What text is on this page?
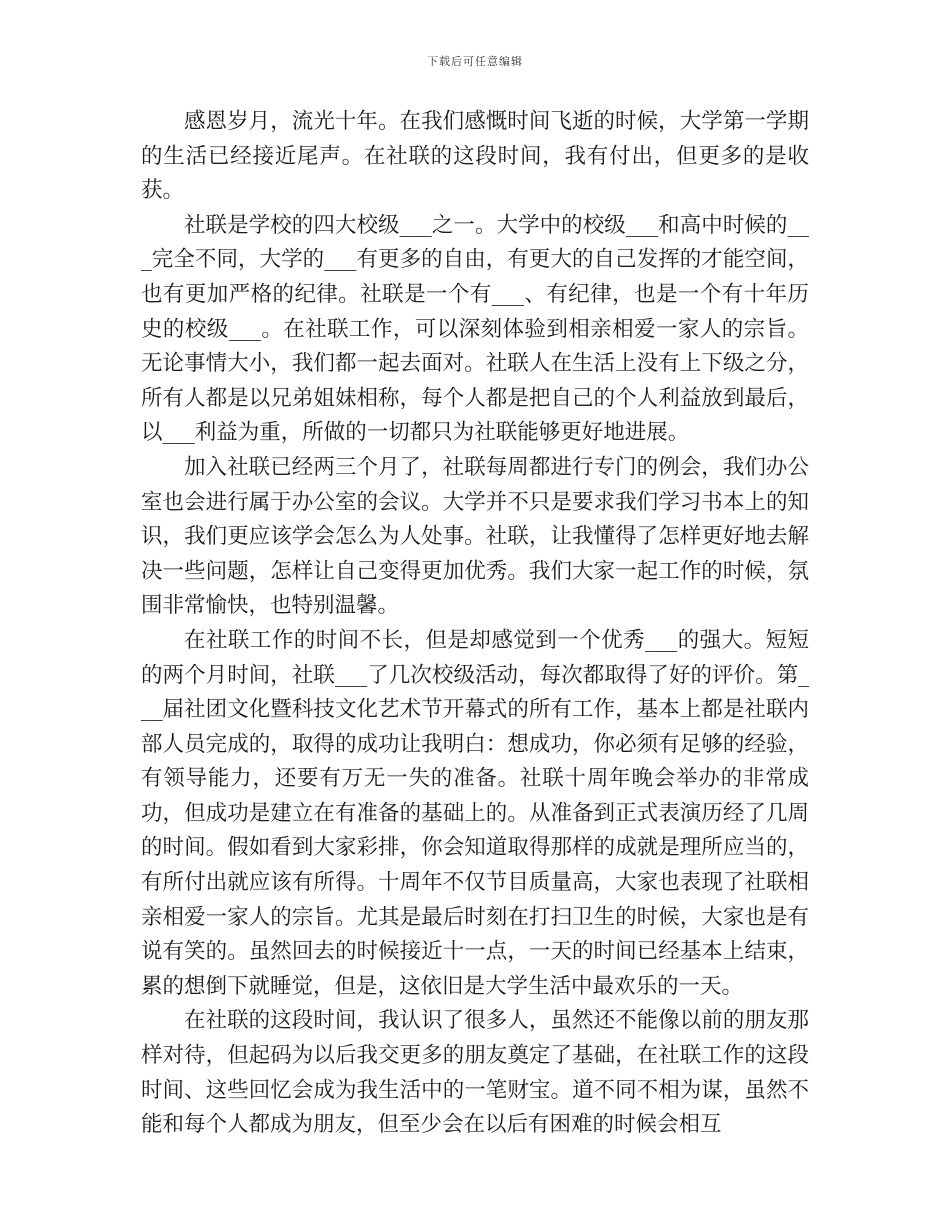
下载后可任意编辑

感恩岁月，流光十年。在我们感慨时间飞逝的时候，大学第一学期的生活已经接近尾声。在社联的这段时间，我有付出，但更多的是收获。

社联是学校的四大校级___之一。大学中的校级___和高中时候的___完全不同，大学的___有更多的自由，有更大的自己发挥的才能空间，也有更加严格的纪律。社联是一个有___、有纪律，也是一个有十年历史的校级___。在社联工作，可以深刻体验到相亲相爱一家人的宗旨。无论事情大小，我们都一起去面对。社联人在生活上没有上下级之分，所有人都是以兄弟姐妹相称，每个人都是把自己的个人利益放到最后，以___利益为重，所做的一切都只为社联能够更好地进展。

加入社联已经两三个月了，社联每周都进行专门的例会，我们办公室也会进行属于办公室的会议。大学并不只是要求我们学习书本上的知识，我们更应该学会怎么为人处事。社联，让我懂得了怎样更好地去解决一些问题，怎样让自己变得更加优秀。我们大家一起工作的时候，氛围非常愉快，也特别温馨。

在社联工作的时间不长，但是却感觉到一个优秀___的强大。短短的两个月时间，社联___了几次校级活动，每次都取得了好的评价。第___届社团文化暨科技文化艺术节开幕式的所有工作，基本上都是社联内部人员完成的，取得的成功让我明白：想成功，你必须有足够的经验，有领导能力，还要有万无一失的准备。社联十周年晚会举办的非常成功，但成功是建立在有准备的基础上的。从准备到正式表演历经了几周的时间。假如看到大家彩排，你会知道取得那样的成就是理所应当的，有所付出就应该有所得。十周年不仅节目质量高，大家也表现了社联相亲相爱一家人的宗旨。尤其是最后时刻在打扫卫生的时候，大家也是有说有笑的。虽然回去的时候接近十一点，一天的时间已经基本上结束，累的想倒下就睡觉，但是，这依旧是大学生活中最欢乐的一天。

在社联的这段时间，我认识了很多人，虽然还不能像以前的朋友那样对待，但起码为以后我交更多的朋友奠定了基础，在社联工作的这段时间、这些回忆会成为我生活中的一笔财宝。道不同不相为谋，虽然不能和每个人都成为朋友，但至少会在以后有困难的时候会相互
